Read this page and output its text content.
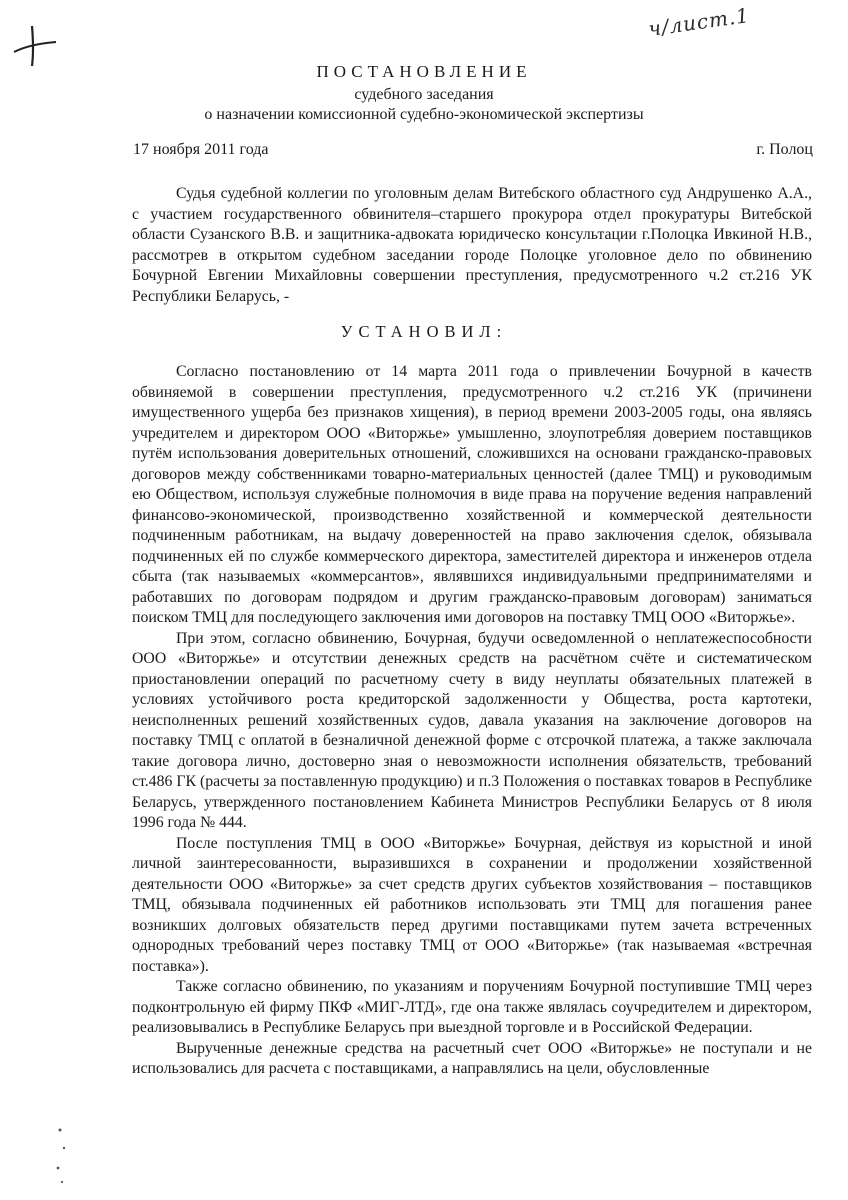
ч/лист.1
ПОСТАНОВЛЕНИЕ
судебного заседания
о назначении комиссионной судебно-экономической экспертизы
17 ноября 2011 года	г. Полоц

Судья судебной коллегии по уголовным делам Витебского областного суд Андрушенко А.А., с участием государственного обвинителя–старшего прокурора отдел прокуратуры Витебской области Сузанского В.В. и защитника-адвоката юридическо консультации г.Полоцка Ивкиной Н.В., рассмотрев в открытом судебном заседании городе Полоцке уголовное дело по обвинению Бочурной Евгении Михайловны совершении преступления, предусмотренного ч.2 ст.216 УК Республики Беларусь, -

УСТАНОВИЛ:

Согласно постановлению от 14 марта 2011 года о привлечении Бочурной в качеств обвиняемой в совершении преступления, предусмотренного ч.2 ст.216 УК (причинени имущественного ущерба без признаков хищения), в период времени 2003-2005 годы, она являясь учредителем и директором ООО «Виторжье» умышленно, злоупотребляя доверием поставщиков путём использования доверительных отношений, сложившихся на основани гражданско-правовых договоров между собственниками товарно-материальных ценностей (далее ТМЦ) и руководимым ею Обществом, используя служебные полномочия в виде права на поручение ведения направлений финансово-экономической, производственно хозяйственной и коммерческой деятельности подчиненным работникам, на выдачу доверенностей на право заключения сделок, обязывала подчиненных ей по службе коммерческого директора, заместителей директора и инженеров отдела сбыта (так называемых «коммерсантов», являвшихся индивидуальными предпринимателями и работавших по договорам подрядом и другим гражданско-правовым договорам) заниматься поиском ТМЦ для последующего заключения ими договоров на поставку ТМЦ ООО «Виторжье».

При этом, согласно обвинению, Бочурная, будучи осведомленной о неплатежеспособности ООО «Виторжье» и отсутствии денежных средств на расчётном счёте и систематическом приостановлении операций по расчетному счету в виду неуплаты обязательных платежей в условиях устойчивого роста кредиторской задолженности у Общества, роста картотеки, неисполненных решений хозяйственных судов, давала указания на заключение договоров на поставку ТМЦ с оплатой в безналичной денежной форме с отсрочкой платежа, а также заключала такие договора лично, достоверно зная о невозможности исполнения обязательств, требований ст.486 ГК (расчеты за поставленную продукцию) и п.3 Положения о поставках товаров в Республике Беларусь, утвержденного постановлением Кабинета Министров Республики Беларусь от 8 июля 1996 года № 444.

После поступления ТМЦ в ООО «Виторжье» Бочурная, действуя из корыстной и иной личной заинтересованности, выразившихся в сохранении и продолжении хозяйственной деятельности ООО «Виторжье» за счет средств других субъектов хозяйствования – поставщиков ТМЦ, обязывала подчиненных ей работников использовать эти ТМЦ для погашения ранее возникших долговых обязательств перед другими поставщиками путем зачета встреченных однородных требований через поставку ТМЦ от ООО «Виторжье» (так называемая «встречная поставка»).

Также согласно обвинению, по указаниям и поручениям Бочурной поступившие ТМЦ через подконтрольную ей фирму ПКФ «МИГ-ЛТД», где она также являлась соучредителем и директором, реализовывались в Республике Беларусь при выездной торговле и в Российской Федерации.

Вырученные денежные средства на расчетный счет ООО «Виторжье» не поступали и не использовались для расчета с поставщиками, а направлялись на цели, обусловленные
